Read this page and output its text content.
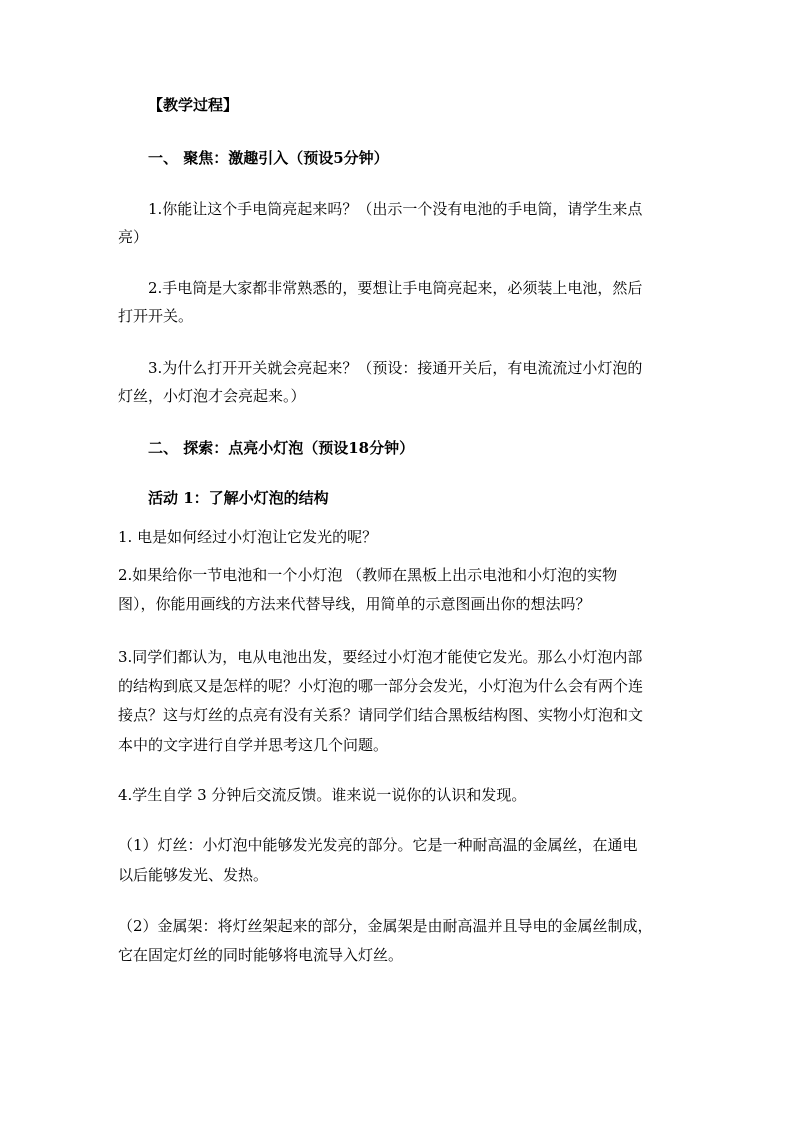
【教学过程】
一、 聚焦：激趣引入（预设5分钟）
1.你能让这个手电筒亮起来吗？（出示一个没有电池的手电筒，请学生来点
亮）
2.手电筒是大家都非常熟悉的，要想让手电筒亮起来，必须装上电池，然后
打开开关。
3.为什么打开开关就会亮起来？（预设：接通开关后，有电流流过小灯泡的
灯丝，小灯泡才会亮起来。）
二、 探索：点亮小灯泡（预设18分钟）
活动 1：了解小灯泡的结构
1. 电是如何经过小灯泡让它发光的呢？
2.如果给你一节电池和一个小灯泡 （教师在黑板上出示电池和小灯泡的实物
图），你能用画线的方法来代替导线，用简单的示意图画出你的想法吗？
3.同学们都认为，电从电池出发，要经过小灯泡才能使它发光。那么小灯泡内部
的结构到底又是怎样的呢？小灯泡的哪一部分会发光，小灯泡为什么会有两个连
接点？这与灯丝的点亮有没有关系？请同学们结合黑板结构图、实物小灯泡和文
本中的文字进行自学并思考这几个问题。
4.学生自学 3 分钟后交流反馈。谁来说一说你的认识和发现。
（1）灯丝：小灯泡中能够发光发亮的部分。它是一种耐高温的金属丝，在通电
以后能够发光、发热。
（2）金属架：将灯丝架起来的部分，金属架是由耐高温并且导电的金属丝制成，
它在固定灯丝的同时能够将电流导入灯丝。
